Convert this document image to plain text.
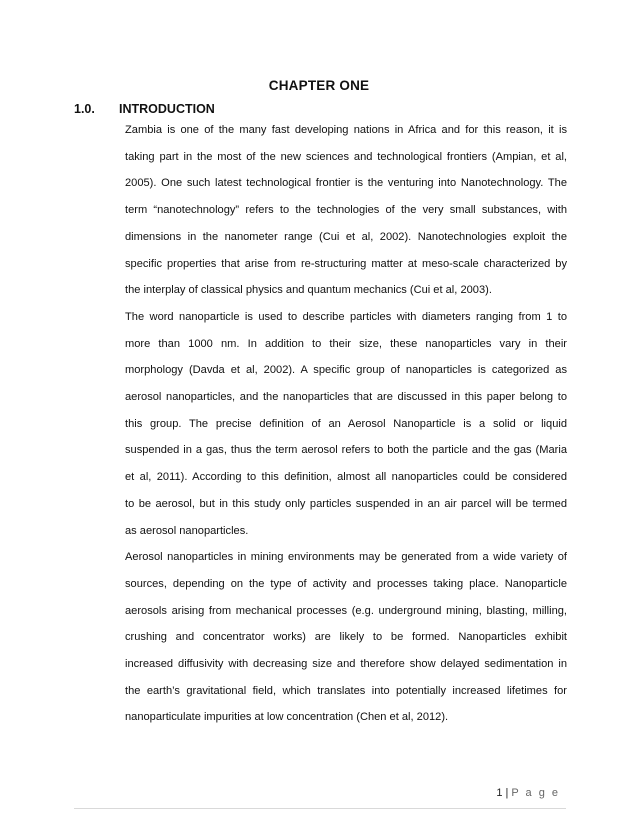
CHAPTER ONE
1.0. INTRODUCTION

Zambia is one of the many fast developing nations in Africa and for this reason, it is
taking part in the most of the new sciences and technological frontiers (Ampian, et al,
2005). One such latest technological frontier is the venturing into Nanotechnology. The
term “nanotechnology” refers to the technologies of the very small substances, with
dimensions in the nanometer range (Cui et al, 2002). Nanotechnologies exploit the
specific properties that arise from re-structuring matter at meso-scale characterized by
the interplay of classical physics and quantum mechanics (Cui et al, 2003).

The word nanoparticle is used to describe particles with diameters ranging from 1 to
more than 1000 nm. In addition to their size, these nanoparticles vary in their
morphology (Davda et al, 2002). A specific group of nanoparticles is categorized as
aerosol nanoparticles, and the nanoparticles that are discussed in this paper belong to
this group. The precise definition of an Aerosol Nanoparticle is a solid or liquid
suspended in a gas, thus the term aerosol refers to both the particle and the gas (Maria
et al, 2011). According to this definition, almost all nanoparticles could be considered
to be aerosol, but in this study only particles suspended in an air parcel will be termed
as aerosol nanoparticles.

Aerosol nanoparticles in mining environments may be generated from a wide variety of
sources, depending on the type of activity and processes taking place. Nanoparticle
aerosols arising from mechanical processes (e.g. underground mining, blasting, milling,
crushing and concentrator works) are likely to be formed. Nanoparticles exhibit
increased diffusivity with decreasing size and therefore show delayed sedimentation in
the earth’s gravitational field, which translates into potentially increased lifetimes for
nanoparticulate impurities at low concentration (Chen et al, 2012).

1 | P a g e
